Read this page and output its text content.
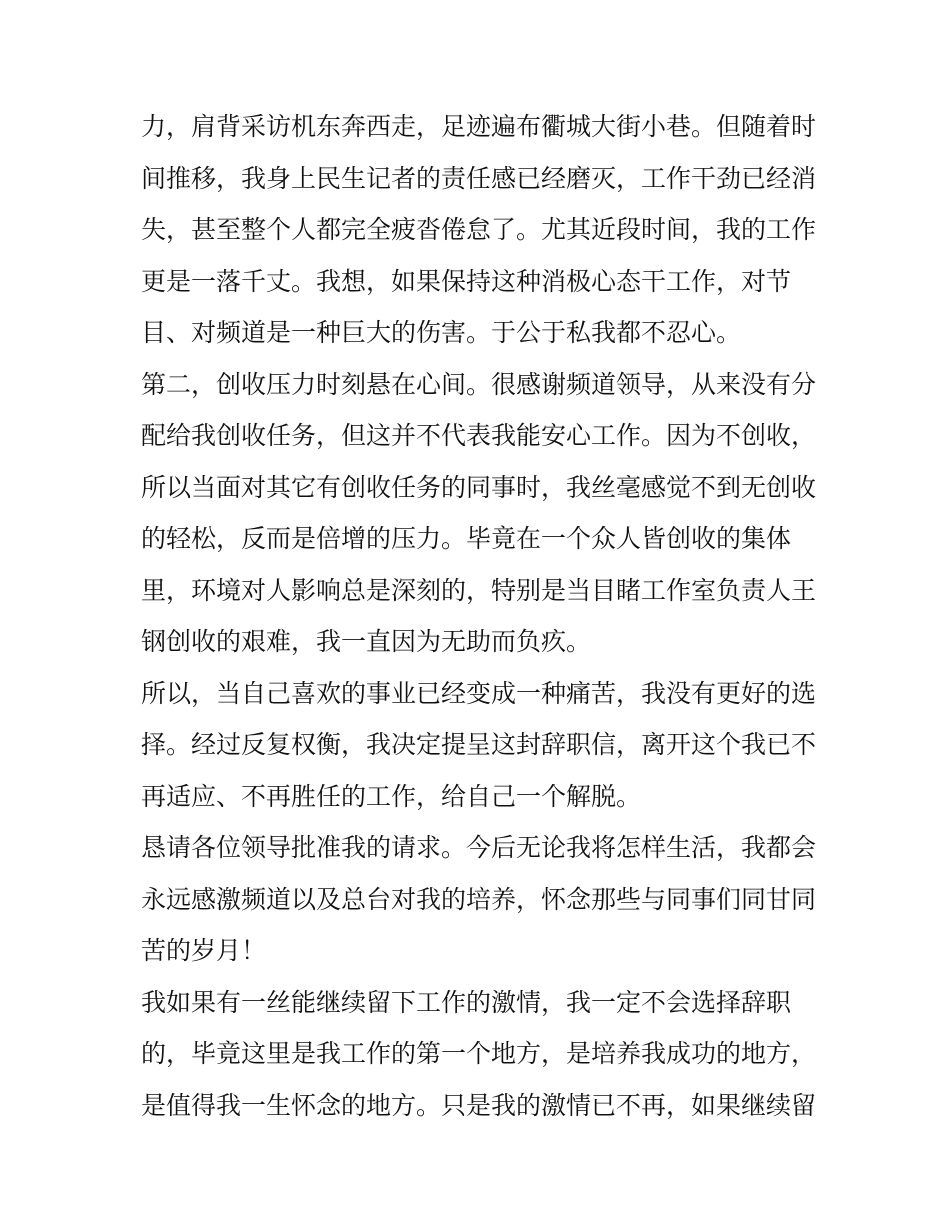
力，肩背采访机东奔西走，足迹遍布衢城大街小巷。但随着时
间推移，我身上民生记者的责任感已经磨灭，工作干劲已经消
失，甚至整个人都完全疲沓倦怠了。尤其近段时间，我的工作
更是一落千丈。我想，如果保持这种消极心态干工作，对节
目、对频道是一种巨大的伤害。于公于私我都不忍心。
第二，创收压力时刻悬在心间。很感谢频道领导，从来没有分
配给我创收任务，但这并不代表我能安心工作。因为不创收，
所以当面对其它有创收任务的同事时，我丝毫感觉不到无创收
的轻松，反而是倍增的压力。毕竟在一个众人皆创收的集体
里，环境对人影响总是深刻的，特别是当目睹工作室负责人王
钢创收的艰难，我一直因为无助而负疚。
所以，当自己喜欢的事业已经变成一种痛苦，我没有更好的选
择。经过反复权衡，我决定提呈这封辞职信，离开这个我已不
再适应、不再胜任的工作，给自己一个解脱。
恳请各位领导批准我的请求。今后无论我将怎样生活，我都会
永远感激频道以及总台对我的培养，怀念那些与同事们同甘同
苦的岁月！
我如果有一丝能继续留下工作的激情，我一定不会选择辞职
的，毕竟这里是我工作的第一个地方，是培养我成功的地方，
是值得我一生怀念的地方。只是我的激情已不再，如果继续留
